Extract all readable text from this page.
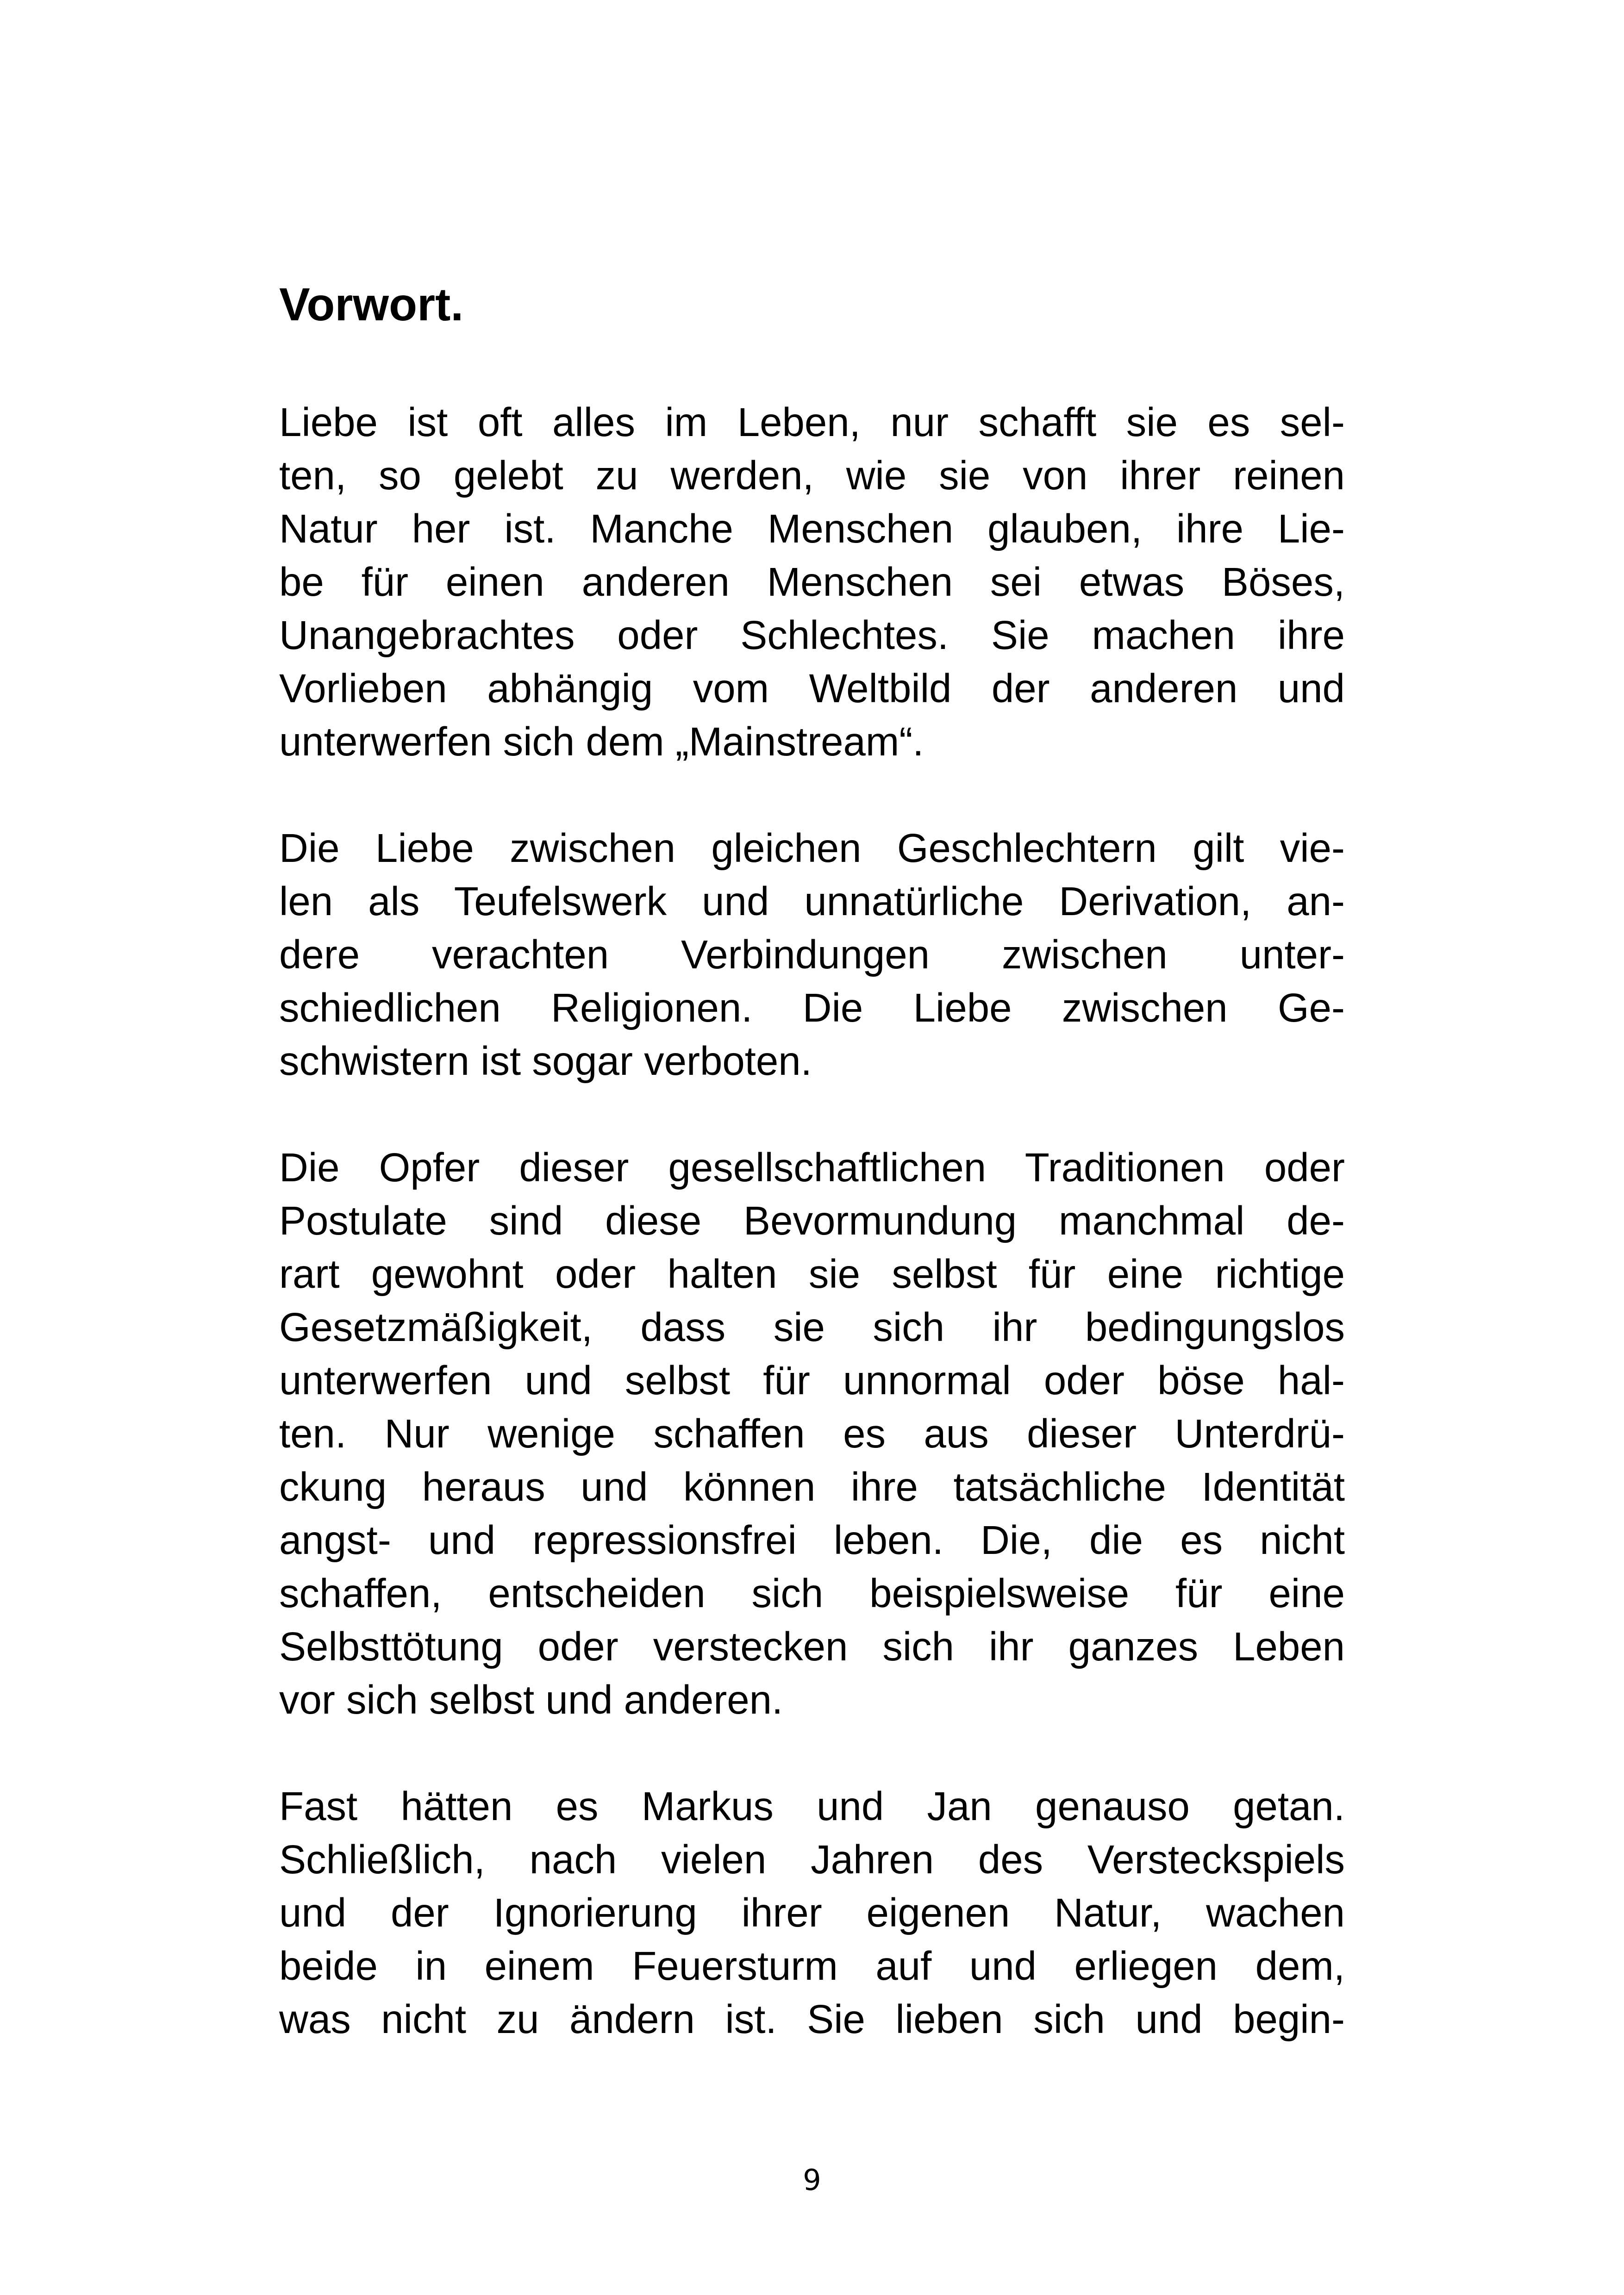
Vorwort.
Liebe ist oft alles im Leben, nur schafft sie es sel-
ten, so gelebt zu werden, wie sie von ihrer reinen
Natur her ist. Manche Menschen glauben, ihre Lie-
be für einen anderen Menschen sei etwas Böses,
Unangebrachtes oder Schlechtes. Sie machen ihre
Vorlieben abhängig vom Weltbild der anderen und
unterwerfen sich dem „Mainstream“.
Die Liebe zwischen gleichen Geschlechtern gilt vie-
len als Teufelswerk und unnatürliche Derivation, an-
dere verachten Verbindungen zwischen unter-
schiedlichen Religionen. Die Liebe zwischen Ge-
schwistern ist sogar verboten.
Die Opfer dieser gesellschaftlichen Traditionen oder
Postulate sind diese Bevormundung manchmal de-
rart gewohnt oder halten sie selbst für eine richtige
Gesetzmäßigkeit, dass sie sich ihr bedingungslos
unterwerfen und selbst für unnormal oder böse hal-
ten. Nur wenige schaffen es aus dieser Unterdrü-
ckung heraus und können ihre tatsächliche Identität
angst- und repressionsfrei leben. Die, die es nicht
schaffen, entscheiden sich beispielsweise für eine
Selbsttötung oder verstecken sich ihr ganzes Leben
vor sich selbst und anderen.
Fast hätten es Markus und Jan genauso getan.
Schließlich, nach vielen Jahren des Versteckspiels
und der Ignorierung ihrer eigenen Natur, wachen
beide in einem Feuersturm auf und erliegen dem,
was nicht zu ändern ist. Sie lieben sich und begin-
9
